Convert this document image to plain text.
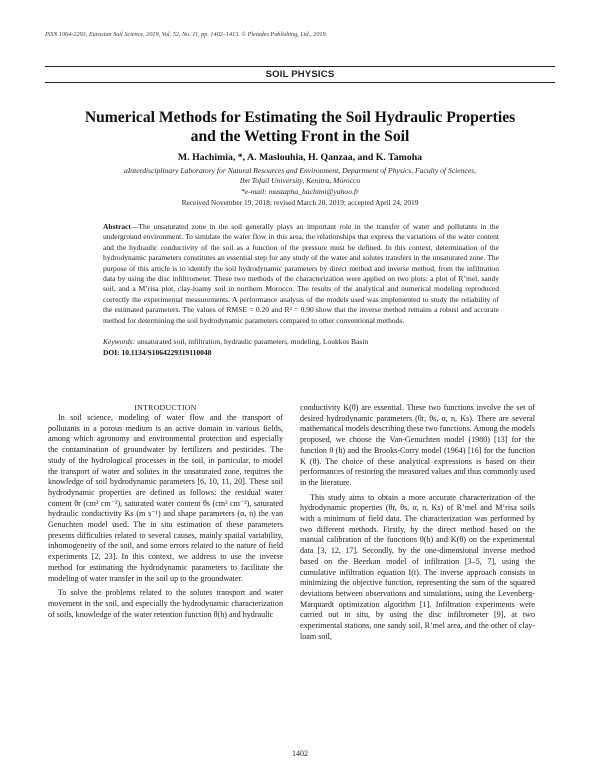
ISSN 1064-2293, Eurasian Soil Science, 2019, Vol. 52, No. 11, pp. 1402–1413. © Pleiades Publishing, Ltd., 2019.
SOIL PHYSICS
Numerical Methods for Estimating the Soil Hydraulic Properties
and the Wetting Front in the Soil
M. Hachimia, *, A. Maslouhia, H. Qanzaa, and K. Tamoha
aInterdisciplinary Laboratory for Natural Resources and Environment, Department of Physics, Faculty of Sciences,
Ibn Tofail University, Kenitra, Morocco
*e-mail: mustapha_hachimi@yahoo.fr
Received November 19, 2018; revised March 20, 2019; accepted April 24, 2019
Abstract—The unsaturated zone in the soil generally plays an important role in the transfer of water and pollutants in the underground environment. To simulate the water flow in this area, the relationships that express the variations of the water content and the hydraulic conductivity of the soil as a function of the pressure must be defined. In this context, determination of the hydrodynamic parameters constitutes an essential step for any study of the water and solutes transfers in the unsaturated zone. The purpose of this article is to identify the soil hydrodynamic parameters by direct method and inverse method, from the infiltration data by using the disc infiltrometer. These two methods of the characterization were applied on two plots: a plot of R’mel, sandy soil, and a M’risa plot, clay-loamy soil in northern Morocco. The results of the analytical and numerical modeling reproduced correctly the experimental measurements. A performance analysis of the models used was implemented to study the reliability of the estimated parameters. The values of RMSE = 0.20 and R² = 0.90 show that the inverse method remains a robust and accurate method for determining the soil hydrodynamic parameters compared to other conventional methods.
Keywords: unsaturated soil, infiltration, hydraulic parameters, modeling, Loukkos Basin
DOI: 10.1134/S1064229319110048
INTRODUCTION

In soil science, modeling of water flow and the transport of pollutants in a porous medium is an active domain in various fields, among which agronomy and environmental protection and especially the contamination of groundwater by fertilizers and pesticides. The study of the hydrological processes in the soil, in particular, to model the transport of water and solutes in the unsaturated zone, requires the knowledge of soil hydrodynamic parameters [6, 10, 11, 20]. These soil hydrodynamic properties are defined as follows: the residual water content θr (cm³ cm⁻³), saturated water content θs (cm³ cm⁻³), saturated hydraulic conductivity Ks (m s⁻¹) and shape parameters (α, n) the van Genuchten model used. The in situ estimation of these parameters presents difficulties related to several causes, mainly spatial variability, inhomogeneity of the soil, and some errors related to the nature of field experiments [2, 23]. In this context, we address to use the inverse method for estimating the hydrodynamic parameters to facilitate the modeling of water transfer in the soil up to the groundwater.

To solve the problems related to the solutes transport and water movement in the soil, and especially the hydrodynamic characterization of soils, knowledge of the water retention function θ(h) and hydraulic

conductivity K(θ) are essential. These two functions involve the set of desired hydrodynamic parameters (θr, θs, α, n, Ks). There are several mathematical models describing these two functions. Among the models proposed, we choose the Van-Genuchten model (1980) [13] for the function θ (h) and the Brooks-Corry model (1964) [16] for the function K (θ). The choice of these analytical expressions is based on their performances of restoring the measured values and thus commonly used in the literature.

This study aims to obtain a more accurate characterization of the hydrodynamic properties (θr, θs, α, n, Ks) of R’mel and M’risa soils with a minimum of field data. The characterization was performed by two different methods. Firstly, by the direct method based on the manual calibration of the functions θ(h) and K(θ) on the experimental data [3, 12, 17]. Secondly, by the one-dimensional inverse method based on the Beerkan model of infiltration [3–5, 7], using the cumulative infiltration equation I(t). The inverse approach consists in minimizing the objective function, representing the sum of the squared deviations between observations and simulations, using the Levenberg-Marquardt optimization algorithm [1]. Infiltration experiments were carried out in situ, by using the disc infiltrometer [9], at two experimental stations, one sandy soil, R’mel area, and the other of clay-loam soil,

1402
